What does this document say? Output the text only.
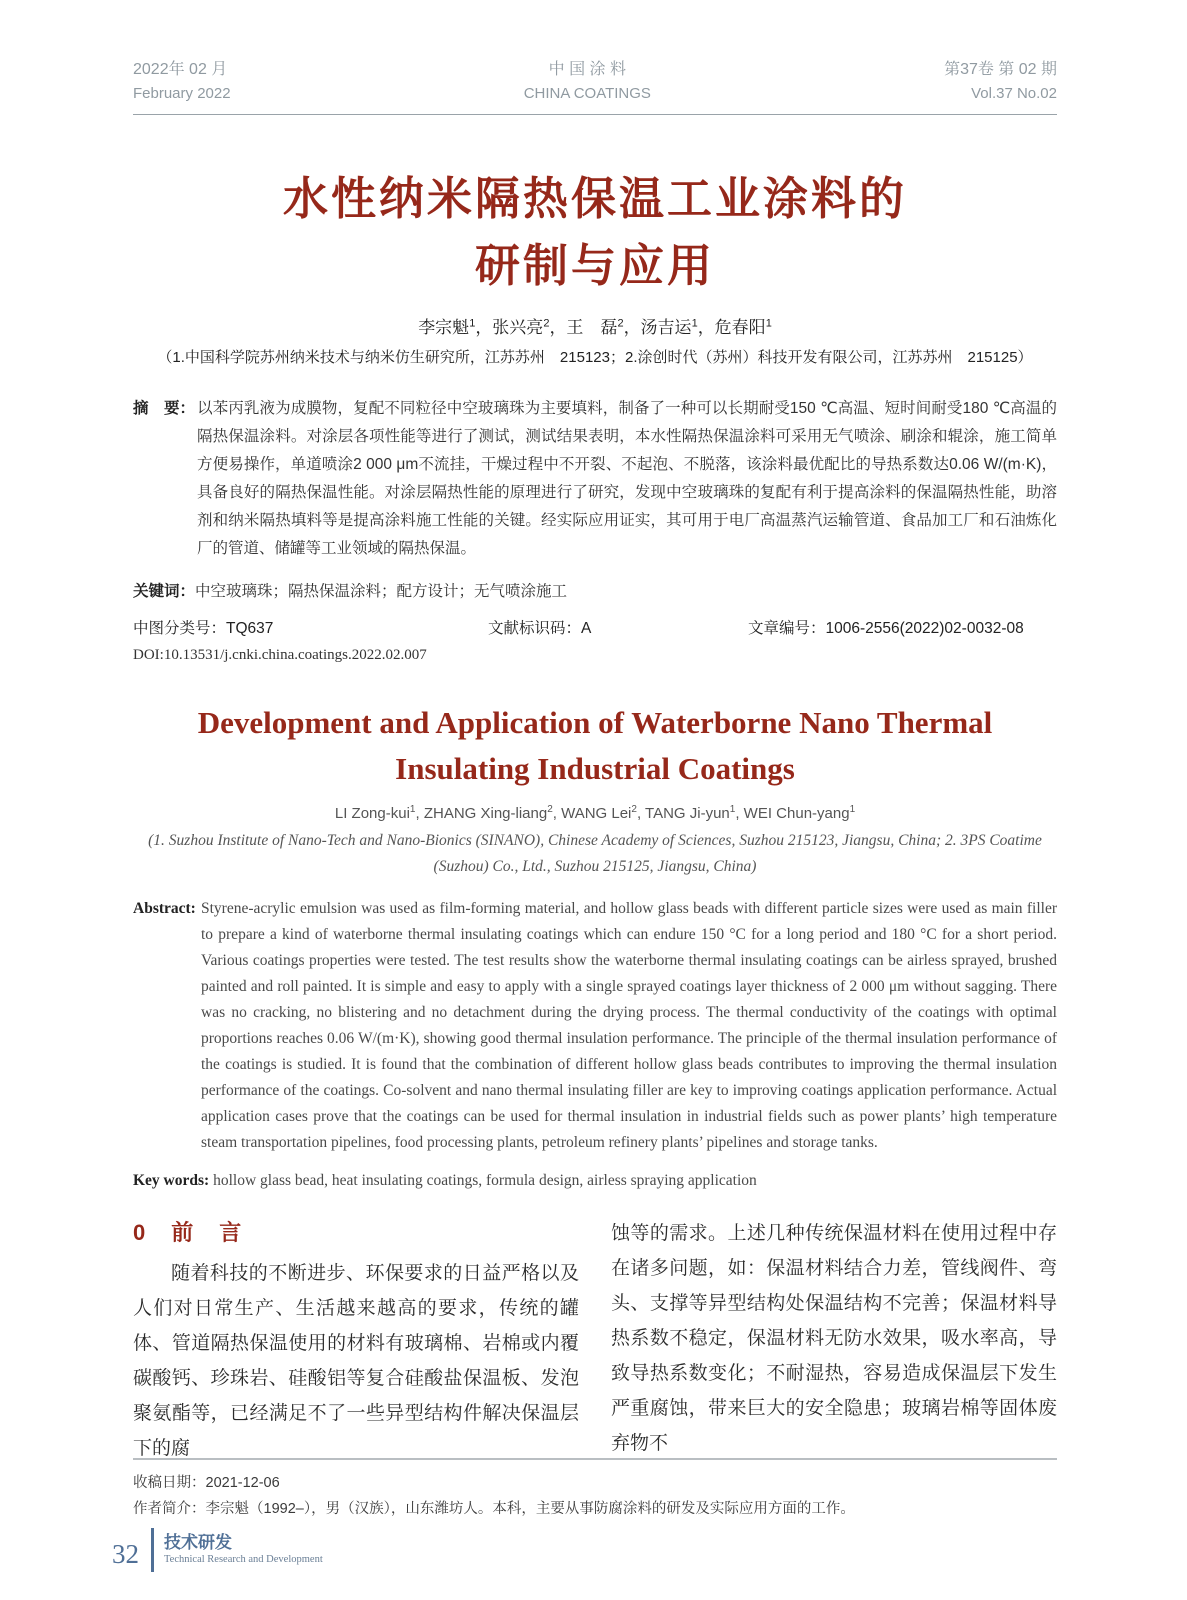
2022年 02 月
February 2022
中 国 涂 料
CHINA COATINGS
第37卷 第 02 期
Vol.37 No.02
水性纳米隔热保温工业涂料的
研制与应用
李宗魁$^1$，张兴亮$^2$，王　磊$^2$，汤吉运$^1$，危春阳$^1$
（1.中国科学院苏州纳米技术与纳米仿生研究所，江苏苏州　215123；2.涂创时代（苏州）科技开发有限公司，江苏苏州　215125）

摘　要： 以苯丙乳液为成膜物，复配不同粒径中空玻璃珠为主要填料，制备了一种可以长期耐受150 ℃高温、短时间耐受180 ℃高温的隔热保温涂料。对涂层各项性能等进行了测试，测试结果表明，本水性隔热保温涂料可采用无气喷涂、刷涂和辊涂，施工简单方便易操作，单道喷涂2 000 μm不流挂，干燥过程中不开裂、不起泡、不脱落，该涂料最优配比的导热系数达0.06 W/(m·K)，具备良好的隔热保温性能。对涂层隔热性能的原理进行了研究，发现中空玻璃珠的复配有利于提高涂料的保温隔热性能，助溶剂和纳米隔热填料等是提高涂料施工性能的关键。经实际应用证实，其可用于电厂高温蒸汽运输管道、食品加工厂和石油炼化厂的管道、储罐等工业领域的隔热保温。

关键词：中空玻璃珠；隔热保温涂料；配方设计；无气喷涂施工

中图分类号：TQ637	文献标识码：A	文章编号：1006-2556(2022)02-0032-08
DOI:10.13531/j.cnki.china.coatings.2022.02.007
Development and Application of Waterborne Nano Thermal
Insulating Industrial Coatings
LI Zong-kui$^1$, ZHANG Xing-liang$^2$, WANG Lei$^2$, TANG Ji-yun$^1$, WEI Chun-yang$^1$
(1. Suzhou Institute of Nano-Tech and Nano-Bionics (SINANO), Chinese Academy of Sciences, Suzhou 215123, Jiangsu, China; 2. 3PS Coatime (Suzhou) Co., Ltd., Suzhou 215125, Jiangsu, China)

Abstract: Styrene-acrylic emulsion was used as film-forming material, and hollow glass beads with different particle sizes were used as main filler to prepare a kind of waterborne thermal insulating coatings which can endure 150 °C for a long period and 180 °C for a short period. Various coatings properties were tested. The test results show the waterborne thermal insulating coatings can be airless sprayed, brushed painted and roll painted. It is simple and easy to apply with a single sprayed coatings layer thickness of 2 000 μm without sagging. There was no cracking, no blistering and no detachment during the drying process. The thermal conductivity of the coatings with optimal proportions reaches 0.06 W/(m·K), showing good thermal insulation performance. The principle of the thermal insulation performance of the coatings is studied. It is found that the combination of different hollow glass beads contributes to improving the thermal insulation performance of the coatings. Co-solvent and nano thermal insulating filler are key to improving coatings application performance. Actual application cases prove that the coatings can be used for thermal insulation in industrial fields such as power plants’ high temperature steam transportation pipelines, food processing plants, petroleum refinery plants’ pipelines and storage tanks.

Key words: hollow glass bead, heat insulating coatings, formula design, airless spraying application

0 前言

随着科技的不断进步、环保要求的日益严格以及人们对日常生产、生活越来越高的要求，传统的罐体、管道隔热保温使用的材料有玻璃棉、岩棉或内覆碳酸钙、珍珠岩、硅酸铝等复合硅酸盐保温板、发泡聚氨酯等，已经满足不了一些异型结构件解决保温层下的腐

蚀等的需求。上述几种传统保温材料在使用过程中存在诸多问题，如：保温材料结合力差，管线阀件、弯头、支撑等异型结构处保温结构不完善；保温材料导热系数不稳定，保温材料无防水效果，吸水率高，导致导热系数变化；不耐湿热，容易造成保温层下发生严重腐蚀，带来巨大的安全隐患；玻璃岩棉等固体废弃物不

收稿日期：2021-12-06
作者简介：李宗魁（1992–），男（汉族），山东潍坊人。本科，主要从事防腐涂料的研发及实际应用方面的工作。
32	技术研发
Technical Research and Development
